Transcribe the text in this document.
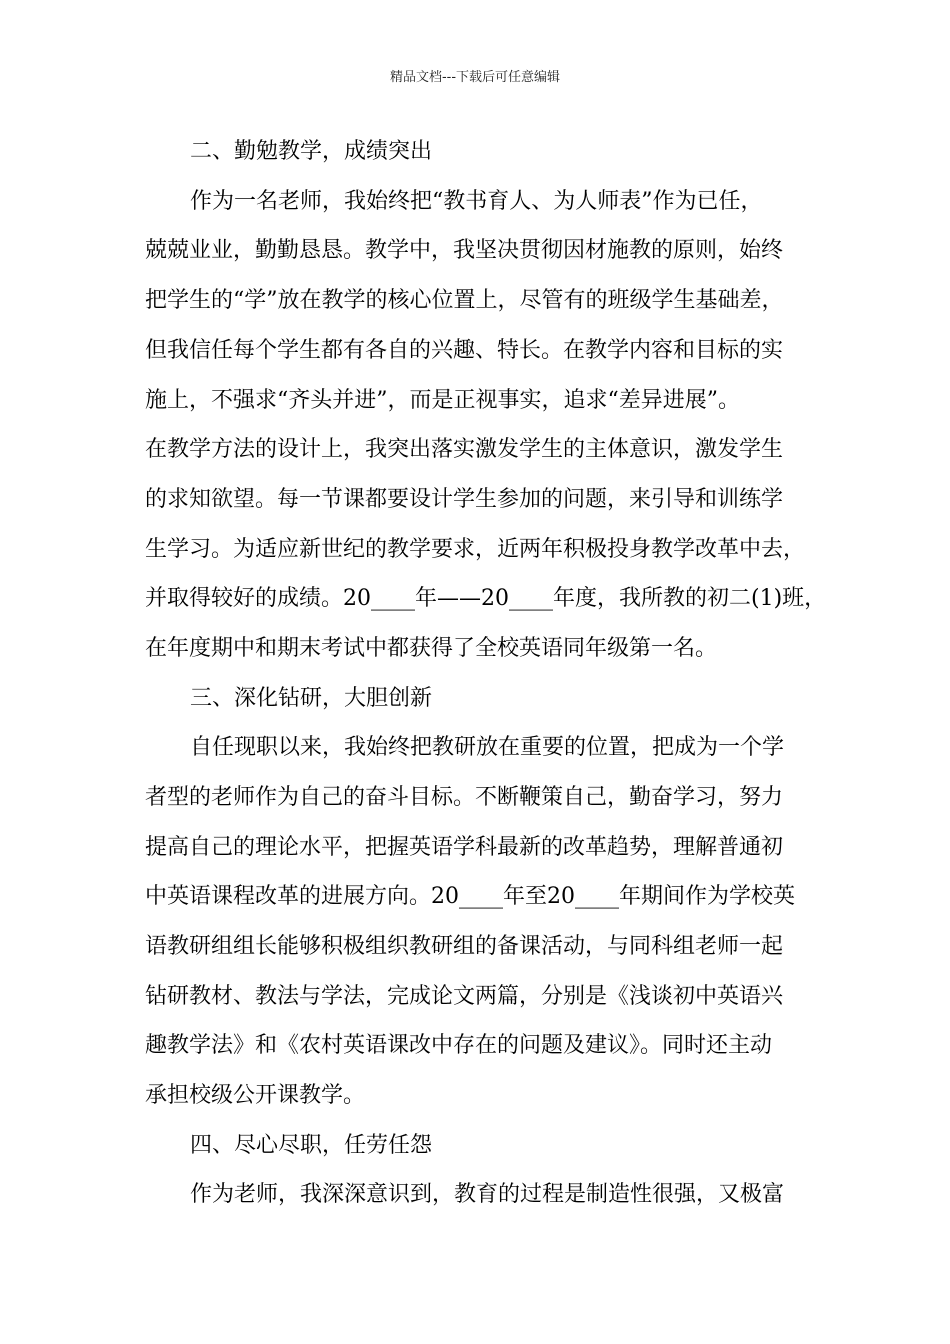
精品文档---下载后可任意编辑
二、勤勉教学，成绩突出
作为一名老师，我始终把“教书育人、为人师表”作为已任，
兢兢业业，勤勤恳恳。教学中，我坚决贯彻因材施教的原则，始终
把学生的“学”放在教学的核心位置上，尽管有的班级学生基础差，
但我信任每个学生都有各自的兴趣、特长。在教学内容和目标的实
施上，不强求“齐头并进”，而是正视事实，追求“差异进展”。
在教学方法的设计上，我突出落实激发学生的主体意识，激发学生
的求知欲望。每一节课都要设计学生参加的问题，来引导和训练学
生学习。为适应新世纪的教学要求，近两年积极投身教学改革中去，
并取得较好的成绩。20____年——20____年度，我所教的初二(1)班，
在年度期中和期末考试中都获得了全校英语同年级第一名。
三、深化钻研，大胆创新
自任现职以来，我始终把教研放在重要的位置，把成为一个学
者型的老师作为自己的奋斗目标。不断鞭策自己，勤奋学习，努力
提高自己的理论水平，把握英语学科最新的改革趋势，理解普通初
中英语课程改革的进展方向。20____年至20____年期间作为学校英
语教研组组长能够积极组织教研组的备课活动，与同科组老师一起
钻研教材、教法与学法，完成论文两篇，分别是《浅谈初中英语兴
趣教学法》和《农村英语课改中存在的问题及建议》。同时还主动
承担校级公开课教学。
四、尽心尽职，任劳任怨
作为老师，我深深意识到，教育的过程是制造性很强，又极富
